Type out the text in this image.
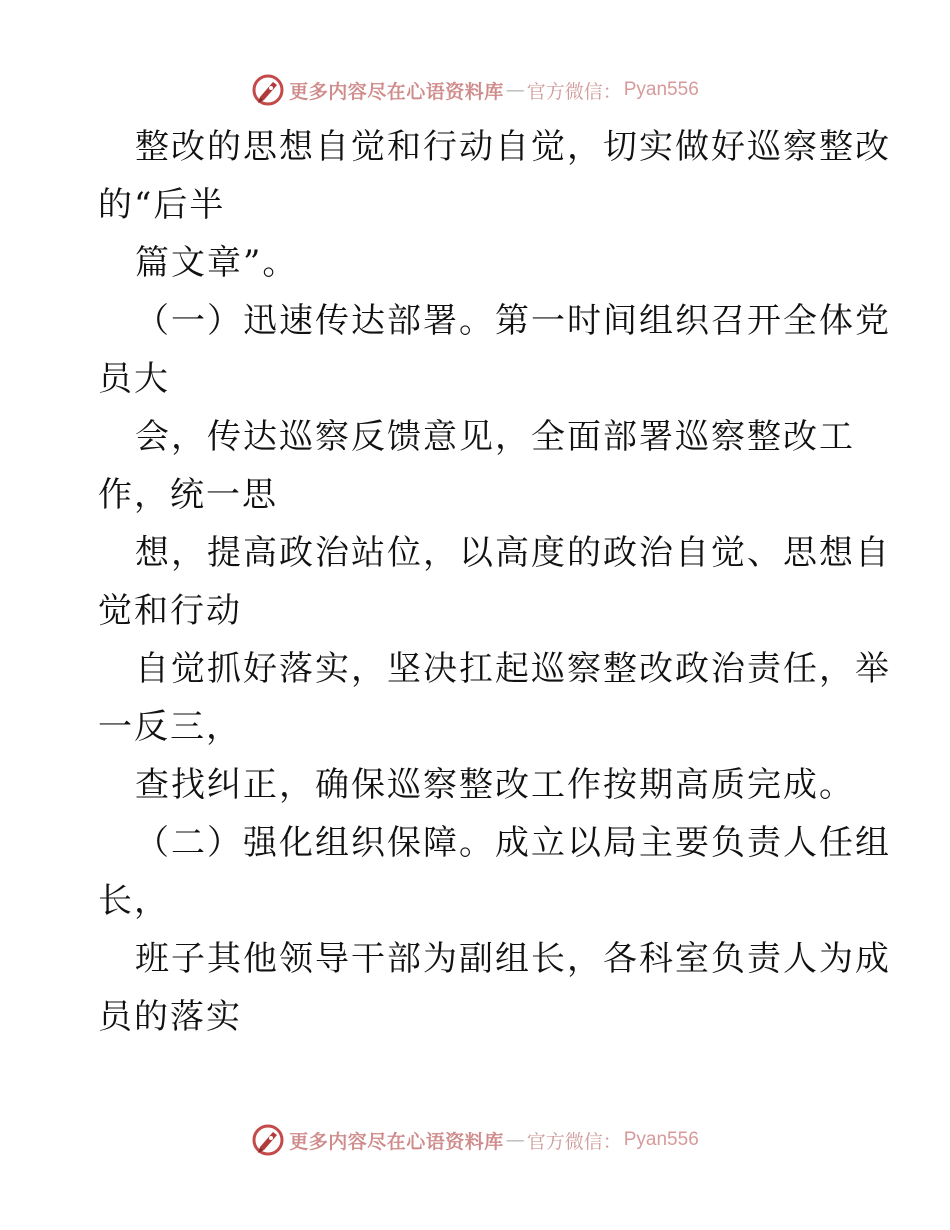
更多内容尽在心语资料库 — 官方微信： Pyan556
整改的思想自觉和行动自觉，切实做好巡察整改
的“后半
篇文章”。
（一）迅速传达部署。第一时间组织召开全体党
员大
会，传达巡察反馈意见，全面部署巡察整改工
作，统一思
想，提高政治站位，以高度的政治自觉、思想自
觉和行动
自觉抓好落实，坚决扛起巡察整改政治责任，举
一反三，
查找纠正，确保巡察整改工作按期高质完成。
（二）强化组织保障。成立以局主要负责人任组
长，
班子其他领导干部为副组长，各科室负责人为成
员的落实
更多内容尽在心语资料库 — 官方微信： Pyan556
